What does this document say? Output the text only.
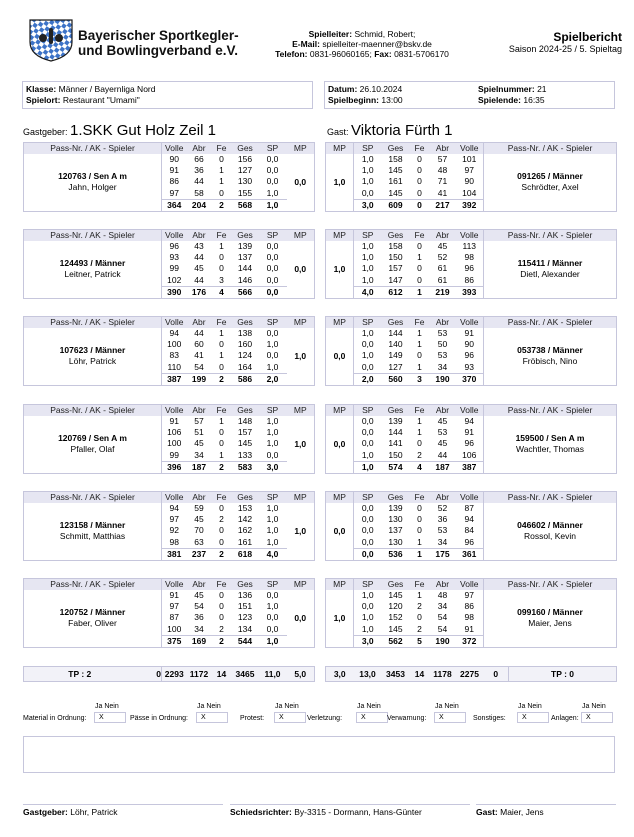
Bayerischer Sportkegler-
und Bowlingverband e.V.
Spielleiter: Schmid, Robert;
E-Mail: spielleiter-maenner@bskv.de
Telefon: 0831-96060165; Fax: 0831-5706170
Spielbericht
Saison 2024-25 / 5. Spieltag
Klasse: Männer / Bayernliga Nord
Spielort: Restaurant "Umami"
Datum: 26.10.2024
Spielbeginn: 13:00
Spielnummer: 21
Spielende: 16:35
Gastgeber: 1.SKK Gut Holz Zeil 1	Gast: Viktoria Fürth 1
Pass-Nr. / AK - Spieler	Volle	Abr	Fe	Ges	SP	MP
120763 / Sen A m
Jahn, Holger	90	66	0	156	0,0	0,0
	91	36	1	127	0,0	
	86	44	1	130	0,0	
	97	58	0	155	1,0	
	364	204	2	568	1,0	
MP	SP	Ges	Fe	Abr	Volle	Pass-Nr. / AK - Spieler
1,0	1,0	158	0	57	101	091265 / Männer
Schrödter, Axel
	1,0	145	0	48	97	
	1,0	161	0	71	90	
	0,0	145	0	41	104	
	3,0	609	0	217	392	
Pass-Nr. / AK - Spieler	Volle	Abr	Fe	Ges	SP	MP
124493 / Männer
Leitner, Patrick	96	43	1	139	0,0	0,0
	93	44	0	137	0,0	
	99	45	0	144	0,0	
	102	44	3	146	0,0	
	390	176	4	566	0,0	
MP	SP	Ges	Fe	Abr	Volle	Pass-Nr. / AK - Spieler
1,0	1,0	158	0	45	113	115411 / Männer
Dietl, Alexander
	1,0	150	1	52	98	
	1,0	157	0	61	96	
	1,0	147	0	61	86	
	4,0	612	1	219	393	
Pass-Nr. / AK - Spieler	Volle	Abr	Fe	Ges	SP	MP
107623 / Männer
Löhr, Patrick	94	44	1	138	0,0	1,0
	100	60	0	160	1,0	
	83	41	1	124	0,0	
	110	54	0	164	1,0	
	387	199	2	586	2,0	
MP	SP	Ges	Fe	Abr	Volle	Pass-Nr. / AK - Spieler
0,0	1,0	144	1	53	91	053738 / Männer
Fröbisch, Nino
	0,0	140	1	50	90	
	1,0	149	0	53	96	
	0,0	127	1	34	93	
	2,0	560	3	190	370	
Pass-Nr. / AK - Spieler	Volle	Abr	Fe	Ges	SP	MP
120769 / Sen A m
Pfaller, Olaf	91	57	1	148	1,0	1,0
	106	51	0	157	1,0	
	100	45	0	145	1,0	
	99	34	1	133	0,0	
	396	187	2	583	3,0	
MP	SP	Ges	Fe	Abr	Volle	Pass-Nr. / AK - Spieler
0,0	0,0	139	1	45	94	159500 / Sen A m
Wachtler, Thomas
	0,0	144	1	53	91	
	0,0	141	0	45	96	
	1,0	150	2	44	106	
	1,0	574	4	187	387	
Pass-Nr. / AK - Spieler	Volle	Abr	Fe	Ges	SP	MP
123158 / Männer
Schmitt, Matthias	94	59	0	153	1,0	1,0
	97	45	2	142	1,0	
	92	70	0	162	1,0	
	98	63	0	161	1,0	
	381	237	2	618	4,0	
MP	SP	Ges	Fe	Abr	Volle	Pass-Nr. / AK - Spieler
0,0	0,0	139	0	52	87	046602 / Männer
Rossol, Kevin
	0,0	130	0	36	94	
	0,0	137	0	53	84	
	0,0	130	1	34	96	
	0,0	536	1	175	361	
Pass-Nr. / AK - Spieler	Volle	Abr	Fe	Ges	SP	MP
120752 / Männer
Faber, Oliver	91	45	0	136	0,0	0,0
	97	54	0	151	1,0	
	87	36	0	123	0,0	
	100	34	2	134	0,0	
	375	169	2	544	1,0	
MP	SP	Ges	Fe	Abr	Volle	Pass-Nr. / AK - Spieler
1,0	1,0	145	1	48	97	099160 / Männer
Maier, Jens
	0,0	120	2	34	86	
	1,0	152	0	54	98	
	1,0	145	2	54	91	
	3,0	562	5	190	372	
TP : 2	0	2293	1172	14	3465	11,0	5,0	3,0	13,0	3453	14	1178	2275	0	TP : 0
Ja Nein
Material in Ordnung:	X
Ja Nein
Pässe in Ordnung:	X
Ja Nein
Protest:	X
Ja Nein
Verletzung:	X
Ja Nein
Verwarnung:	X
Ja Nein
Sonstiges:	X
Ja Nein
Anlagen:	X
Gastgeber: Löhr, Patrick	Schiedsrichter: By-3315 - Dormann, Hans-Günter	Gast: Maier, Jens
